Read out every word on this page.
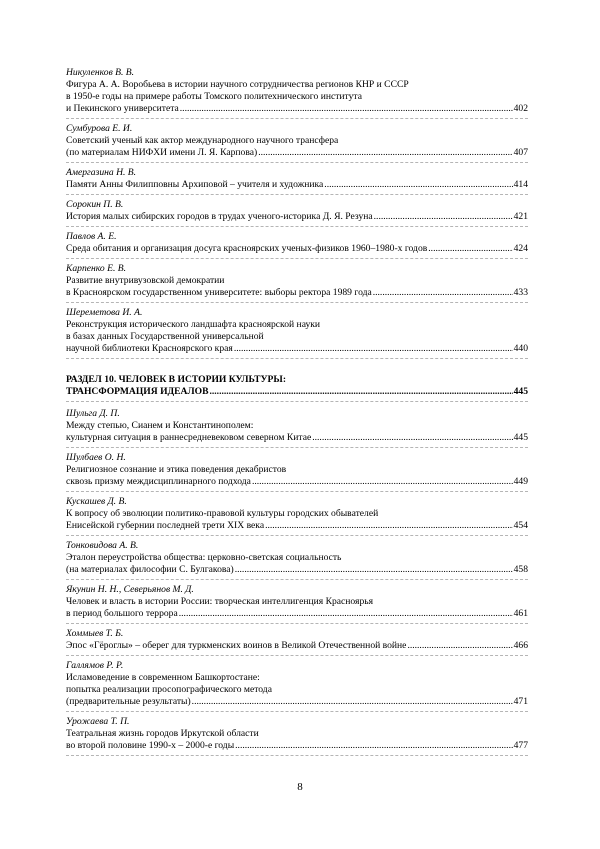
Никуленков В. В.
Фигура А. А. Воробьева в истории научного сотрудничества регионов КНР и СССР
в 1950-е годы на примере работы Томского политехнического института
и Пекинского университета .....	402
Сумбурова Е. И.
Советский ученый как актор международного научного трансфера
(по материалам НИФХИ имени Л. Я. Карпова) .....	407
Амергазина Н. В.
Памяти Анны Филипповны Архиповой – учителя и художника .....	414
Сорокин П. В.
История малых сибирских городов в трудах ученого-историка Д. Я. Резуна .....	421
Павлов А. Е.
Среда обитания и организация досуга красноярских ученых-физиков 1960–1980-х годов .....	424
Карпенко Е. В.
Развитие внутривузовской демократии
в Красноярском государственном университете: выборы ректора 1989 года .....	433
Шереметова И. А.
Реконструкция исторического ландшафта красноярской науки
в базах данных Государственной универсальной
научной библиотеки Красноярского края .....	440
РАЗДЕЛ 10. ЧЕЛОВЕК В ИСТОРИИ КУЛЬТУРЫ:
ТРАНСФОРМАЦИЯ ИДЕАЛОВ .....	445
Шульга Д. П.
Между степью, Сианем и Константинополем:
культурная ситуация в раннесредневековом северном Китае .....	445
Шулбаев О. Н.
Религиозное сознание и этика поведения декабристов
сквозь призму междисциплинарного подхода .....	449
Кускашев Д. В.
К вопросу об эволюции политико-правовой культуры городских обывателей
Енисейской губернии последней трети XIX века .....	454
Тонковидова А. В.
Эталон переустройства общества: церковно-светская социальность
(на материалах философии С. Булгакова) .....	458
Якунин Н. Н., Северьянов М. Д.
Человек и власть в истории России: творческая интеллигенция Красноярья
в период большого террора .....	461
Хоммыев Т. Б.
Эпос «Гёроглы» – оберег для туркменских воинов в Великой Отечественной войне .....	466
Галлямов Р. Р.
Исламоведение в современном Башкортостане:
попытка реализации просопографического метода
(предварительные результаты) .....	471
Урожаева Т. П.
Театральная жизнь городов Иркутской области
во второй половине 1990-х – 2000-е годы .....	477
8
